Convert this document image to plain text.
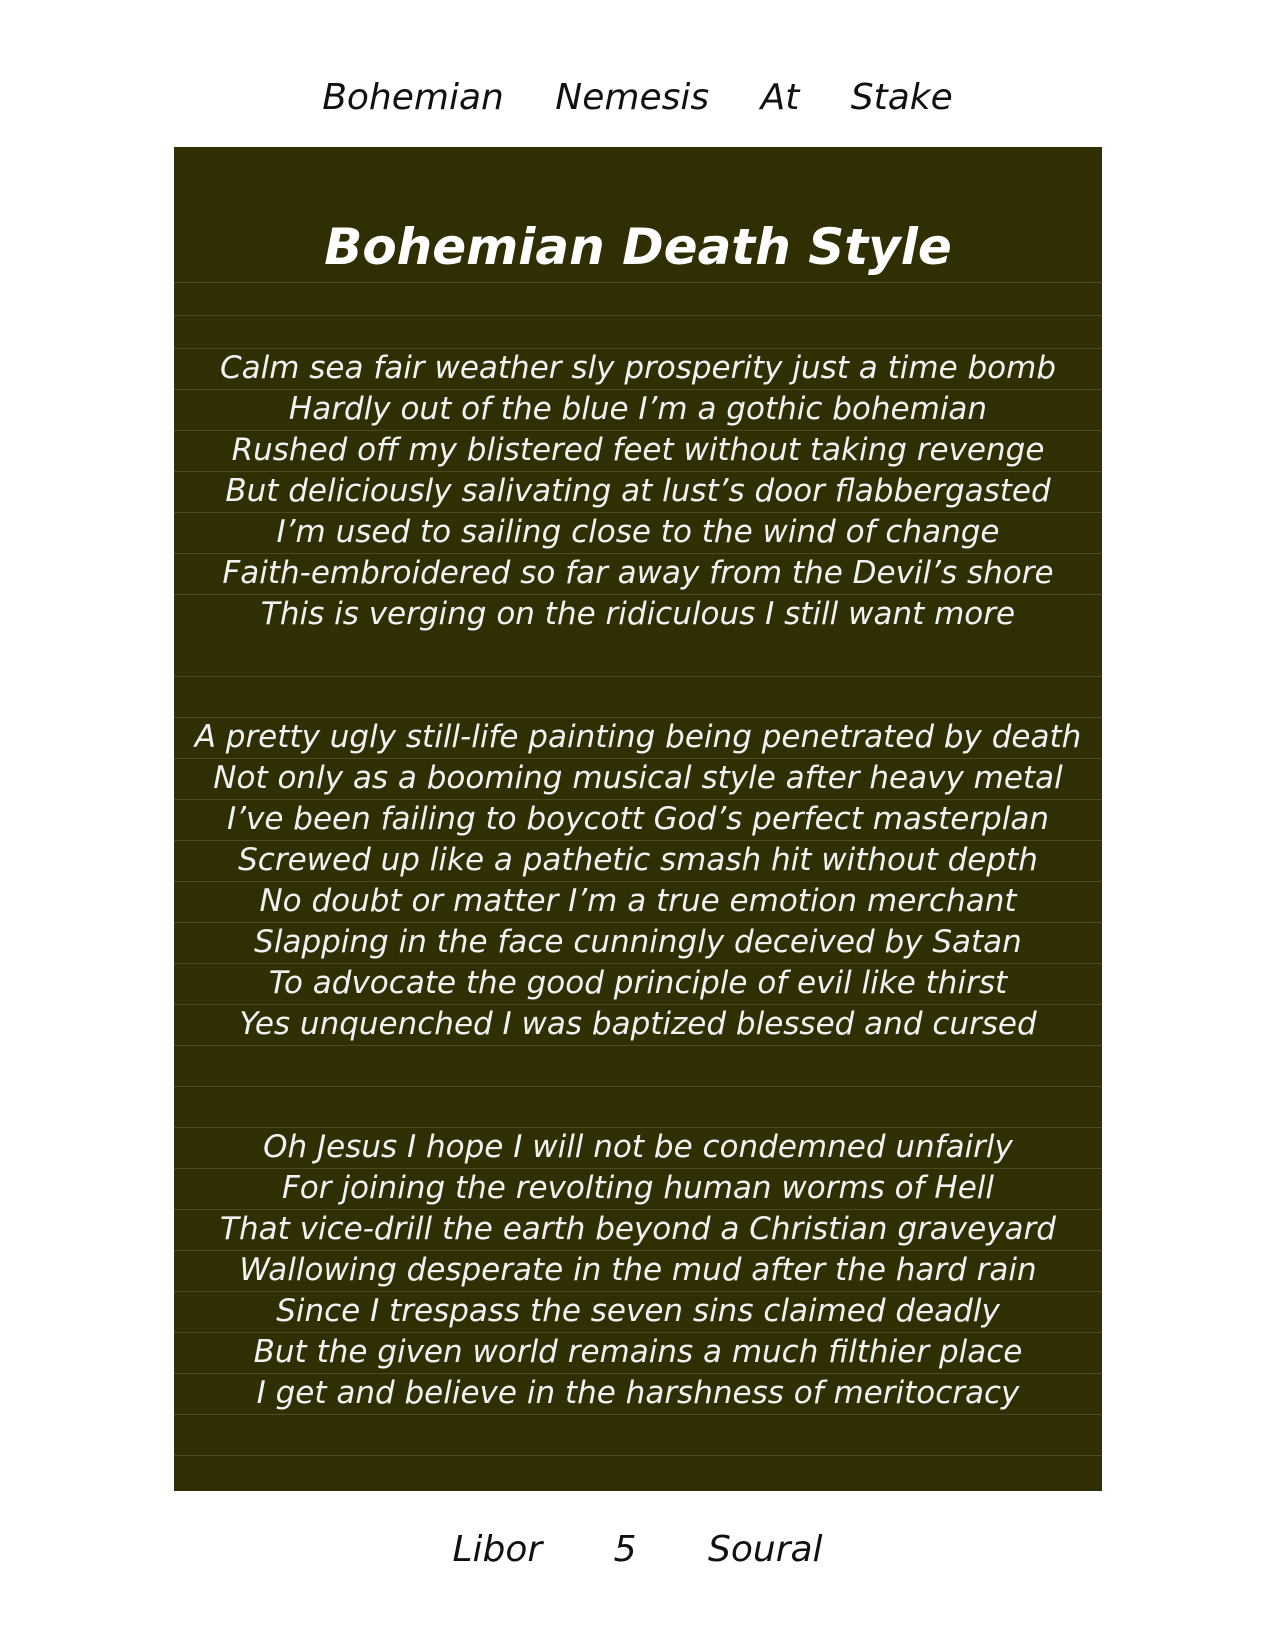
Bohemian Nemesis At Stake
Bohemian Death Style
Calm sea fair weather sly prosperity just a time bomb
Hardly out of the blue I’m a gothic bohemian
Rushed off my blistered feet without taking revenge
But deliciously salivating at lust’s door flabbergasted
I’m used to sailing close to the wind of change
Faith-embroidered so far away from the Devil’s shore
This is verging on the ridiculous I still want more
A pretty ugly still-life painting being penetrated by death
Not only as a booming musical style after heavy metal
I’ve been failing to boycott God’s perfect masterplan
Screwed up like a pathetic smash hit without depth
No doubt or matter I’m a true emotion merchant
Slapping in the face cunningly deceived by Satan
To advocate the good principle of evil like thirst
Yes unquenched I was baptized blessed and cursed
Oh Jesus I hope I will not be condemned unfairly
For joining the revolting human worms of Hell
That vice-drill the earth beyond a Christian graveyard
Wallowing desperate in the mud after the hard rain
Since I trespass the seven sins claimed deadly
But the given world remains a much filthier place
I get and believe in the harshness of meritocracy
Libor 5 Soural
